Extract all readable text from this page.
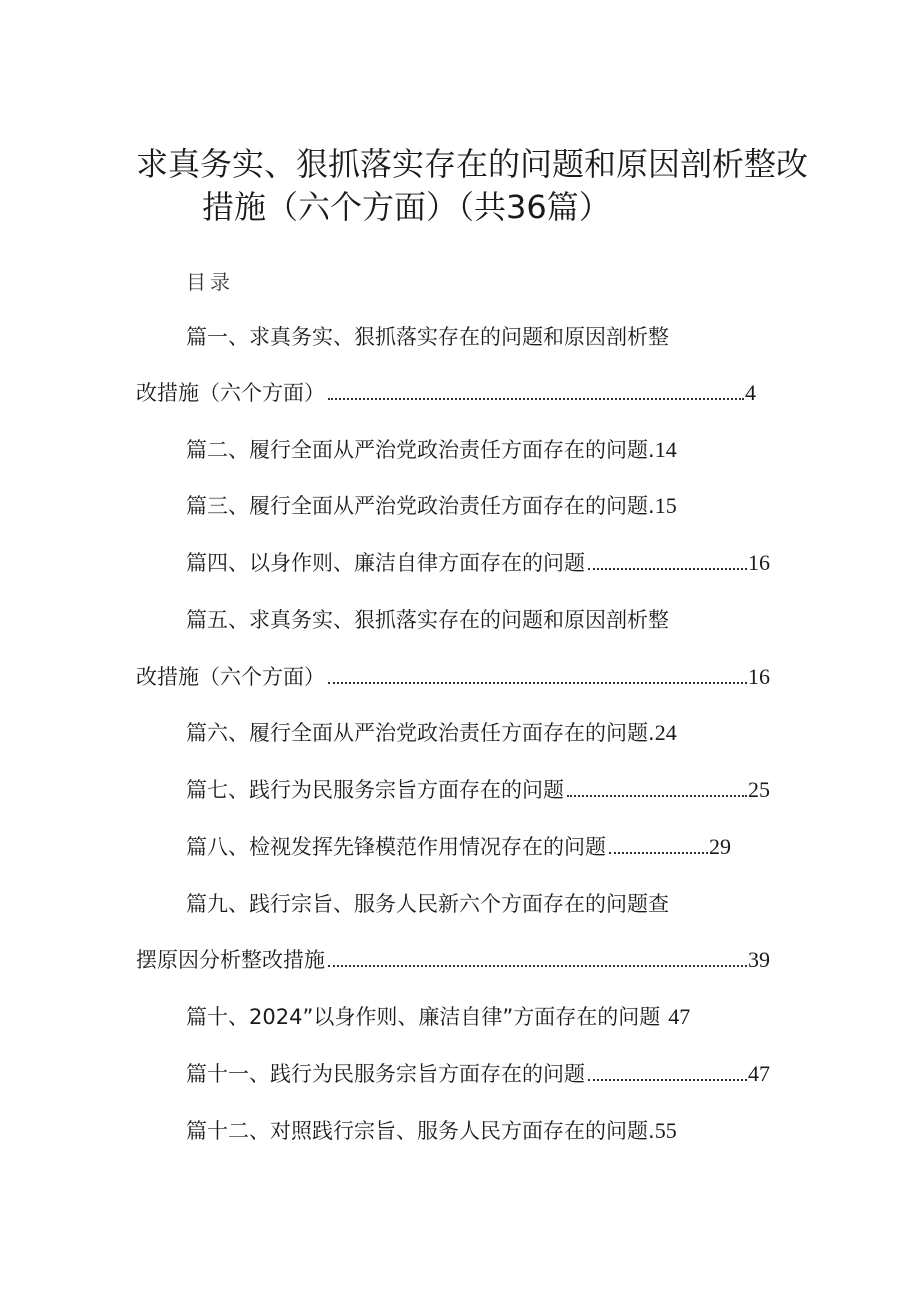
求真务实、狠抓落实存在的问题和原因剖析整改
措施（六个方面）（共36篇）
目录
篇一、求真务实、狠抓落实存在的问题和原因剖析整
改措施（六个方面）	4
篇二、履行全面从严治党政治责任方面存在的问题. 14
篇三、履行全面从严治党政治责任方面存在的问题. 15
篇四、以身作则、廉洁自律方面存在的问题	16
篇五、求真务实、狠抓落实存在的问题和原因剖析整
改措施（六个方面）	16
篇六、履行全面从严治党政治责任方面存在的问题. 24
篇七、践行为民服务宗旨方面存在的问题	25
篇八、检视发挥先锋模范作用情况存在的问题	29
篇九、践行宗旨、服务人民新六个方面存在的问题查
摆原因分析整改措施	39
篇十、2024”以身作则、廉洁自律”方面存在的问题 47
篇十一、践行为民服务宗旨方面存在的问题	47
篇十二、对照践行宗旨、服务人民方面存在的问题. 55
